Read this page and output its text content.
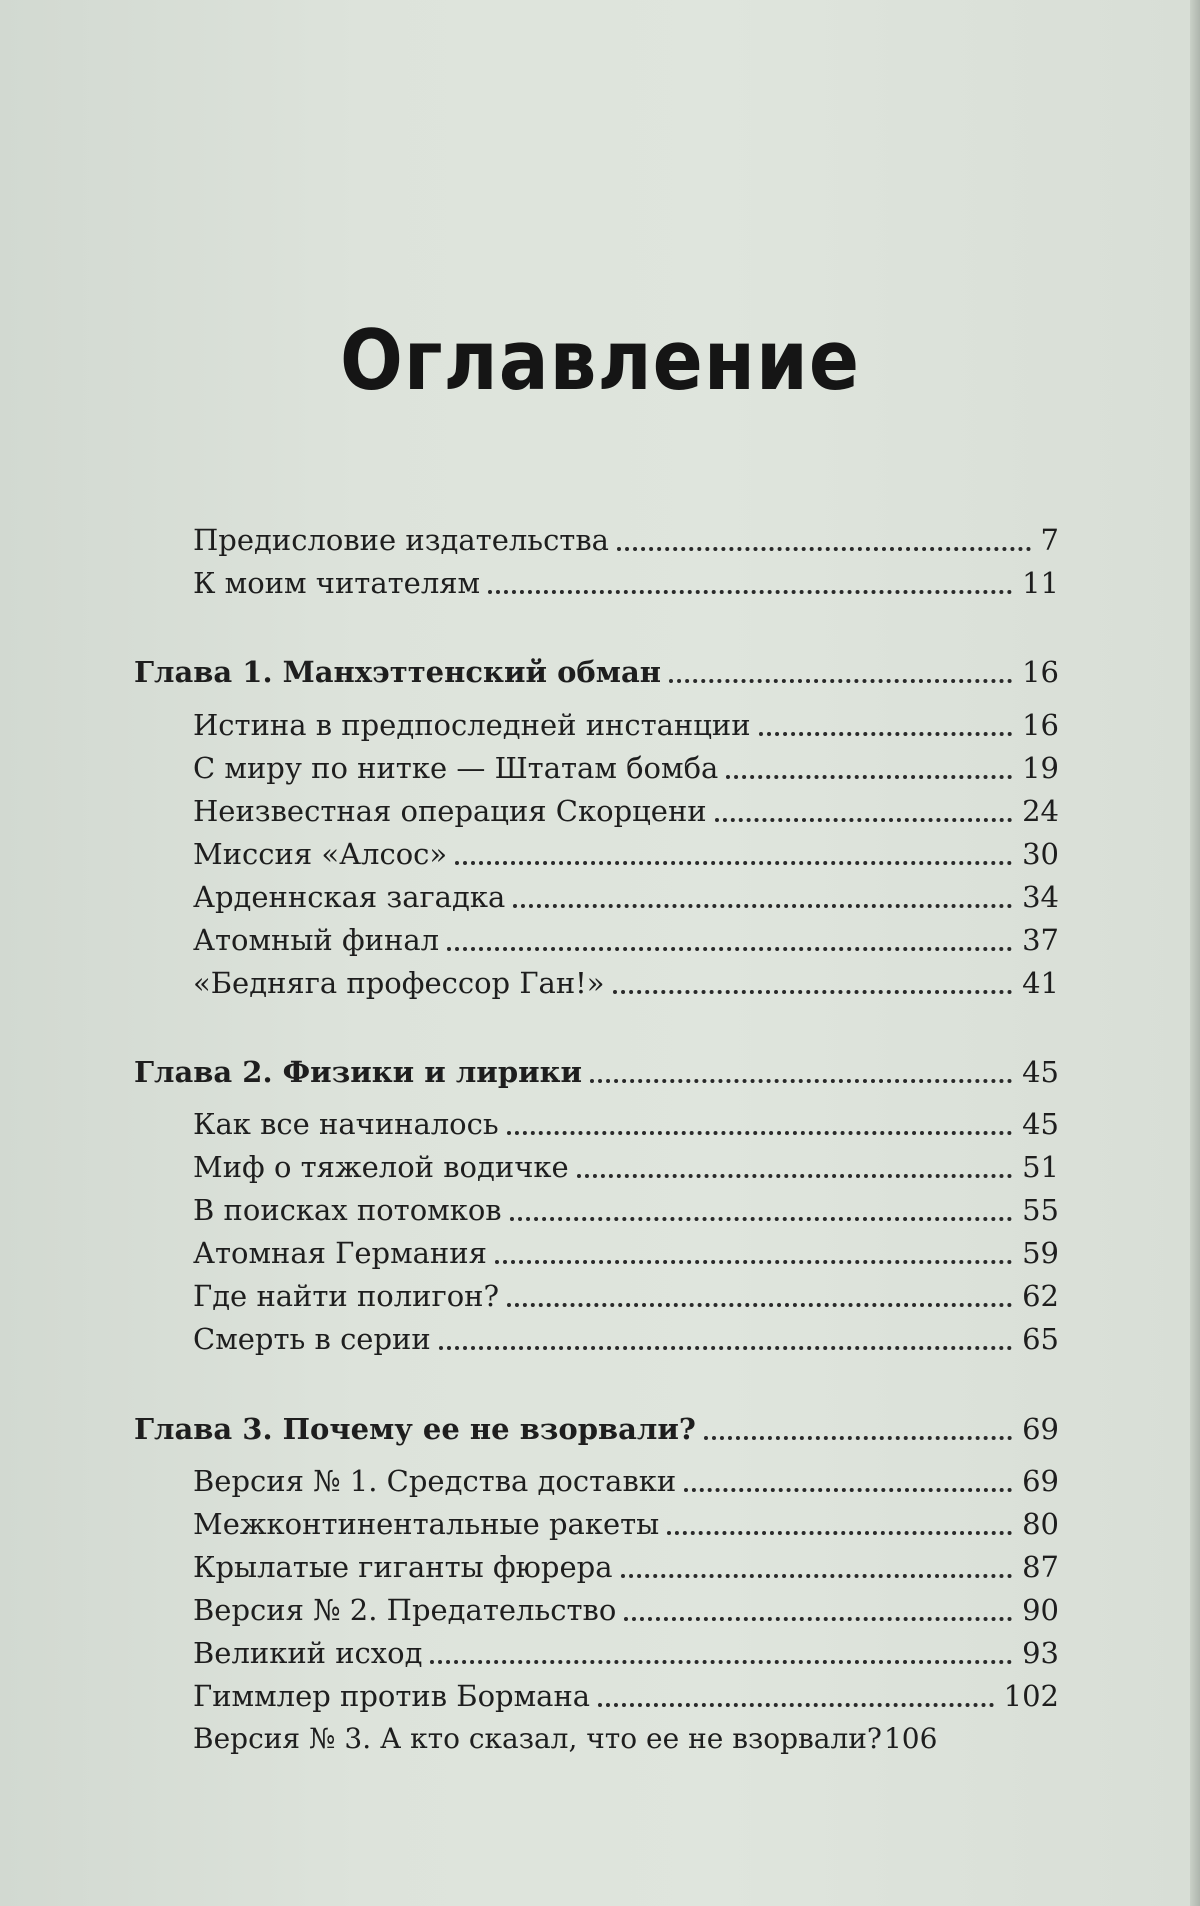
Оглавление
Предисловие издательства	7
К моим читателям	11
Глава 1. Манхэттенский обман	16
Истина в предпоследней инстанции	16
С миру по нитке — Штатам бомба	19
Неизвестная операция Скорцени	24
Миссия «Алсос»	30
Арденнская загадка	34
Атомный финал	37
«Бедняга профессор Ган!»	41
Глава 2. Физики и лирики	45
Как все начиналось	45
Миф о тяжелой водичке	51
В поисках потомков	55
Атомная Германия	59
Где найти полигон?	62
Смерть в серии	65
Глава 3. Почему ее не взорвали?	69
Версия № 1. Средства доставки	69
Межконтинентальные ракеты	80
Крылатые гиганты фюрера	87
Версия № 2. Предательство	90
Великий исход	93
Гиммлер против Бормана	102
Версия № 3. А кто сказал, что ее не взорвали? 106
